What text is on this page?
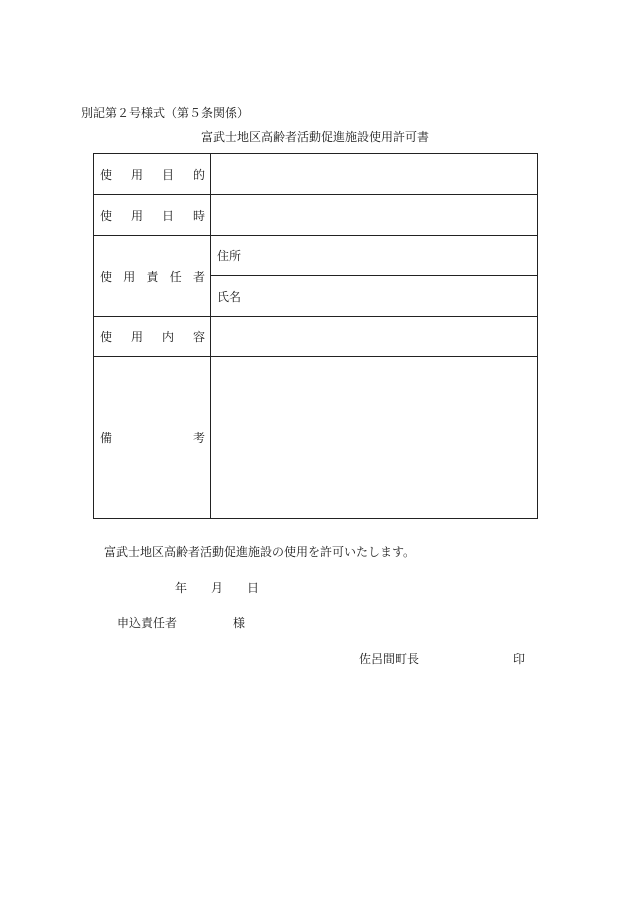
別記第２号様式（第５条関係）
富武士地区高齢者活動促進施設使用許可書
使 用 目 的	

使 用 日 時	

使 用 責 任 者	住所
	氏名

使 用 内 容	

備 考	

富武士地区高齢者活動促進施設の使用を許可いたします。
年 月 日
申込責任者	様
佐呂間町長	印
